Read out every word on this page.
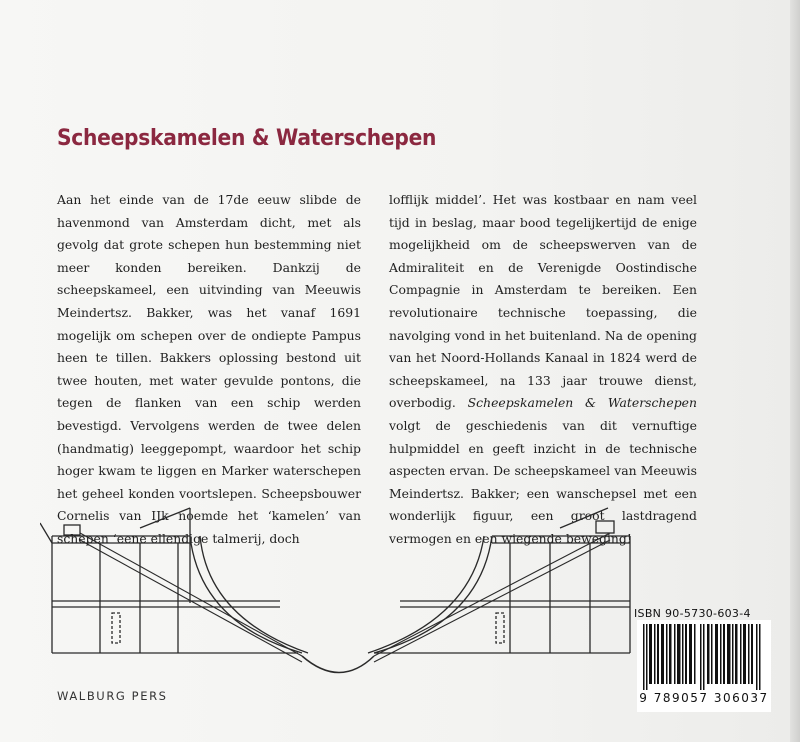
Scheepskamelen & Waterschepen

Aan het einde van de 17de eeuw slibde de havenmond van Amsterdam dicht, met als gevolg dat grote schepen hun bestemming niet meer konden bereiken. Dankzij de scheepskameel, een uitvinding van Meeuwis Meindertsz. Bakker, was het vanaf 1691 mogelijk om schepen over de ondiepte Pampus heen te tillen. Bakkers oplossing bestond uit twee houten, met water gevulde pontons, die tegen de flanken van een schip werden bevestigd. Vervolgens werden de twee delen (handmatig) leeggepompt, waardoor het schip hoger kwam te liggen en Marker waterschepen het geheel konden voortslepen. Scheepsbouwer Cornelis van IJk noemde het ‘kamelen’ van schepen ‘eene ellendige talmerij, doch

lofflijk middel’. Het was kostbaar en nam veel tijd in beslag, maar bood tegelijkertijd de enige mogelijkheid om de scheepswerven van de Admiraliteit en de Verenigde Oostindische Compagnie in Amsterdam te bereiken. Een revolutionaire technische toepassing, die navolging vond in het buitenland. Na de opening van het Noord-Hollands Kanaal in 1824 werd de scheepskameel, na 133 jaar trouwe dienst, overbodig. Scheepskamelen & Waterschepen volgt de geschiedenis van dit vernuftige hulpmiddel en geeft inzicht in de technische aspecten ervan. De scheepskameel van Meeuwis Meindertsz. Bakker; een wanschepsel met een wonderlijk figuur, een groot lastdragend vermogen en een wiegende beweging!

ISBN 90-5730-603-4
9 789057 306037
WALBURG PERS
